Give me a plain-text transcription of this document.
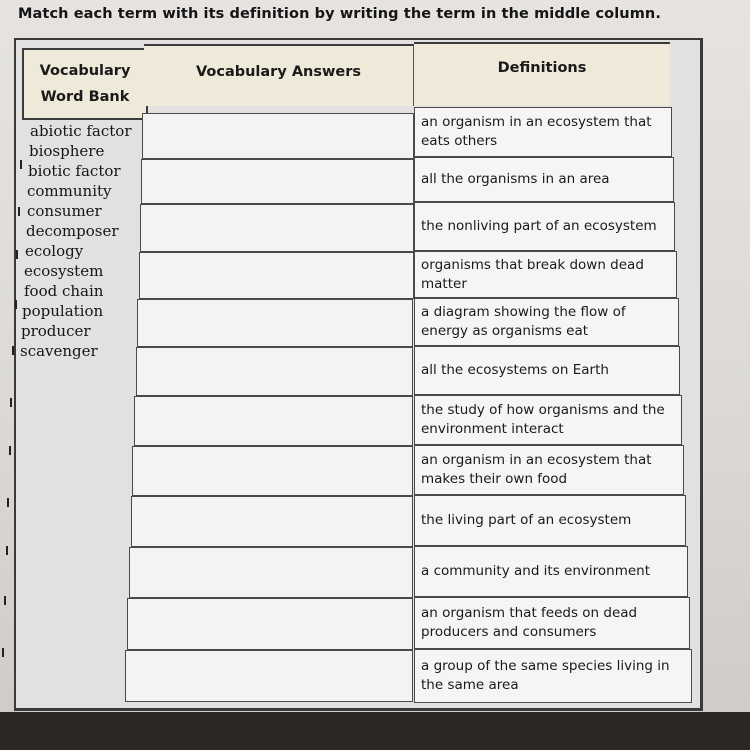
Match each term with its definition by writing the term in the middle column.
Vocabulary
Word Bank
Vocabulary Answers	Definitions
abiotic factor
biosphere
biotic factor
community
consumer
decomposer
ecology
ecosystem
food chain
population
producer
scavenger
an organism in an ecosystem that eats others
all the organisms in an area
the nonliving part of an ecosystem
organisms that break down dead matter
a diagram showing the flow of energy as organisms eat
all the ecosystems on Earth
the study of how organisms and the environment interact
an organism in an ecosystem that makes their own food
the living part of an ecosystem
a community and its environment
an organism that feeds on dead producers and consumers
a group of the same species living in the same area
